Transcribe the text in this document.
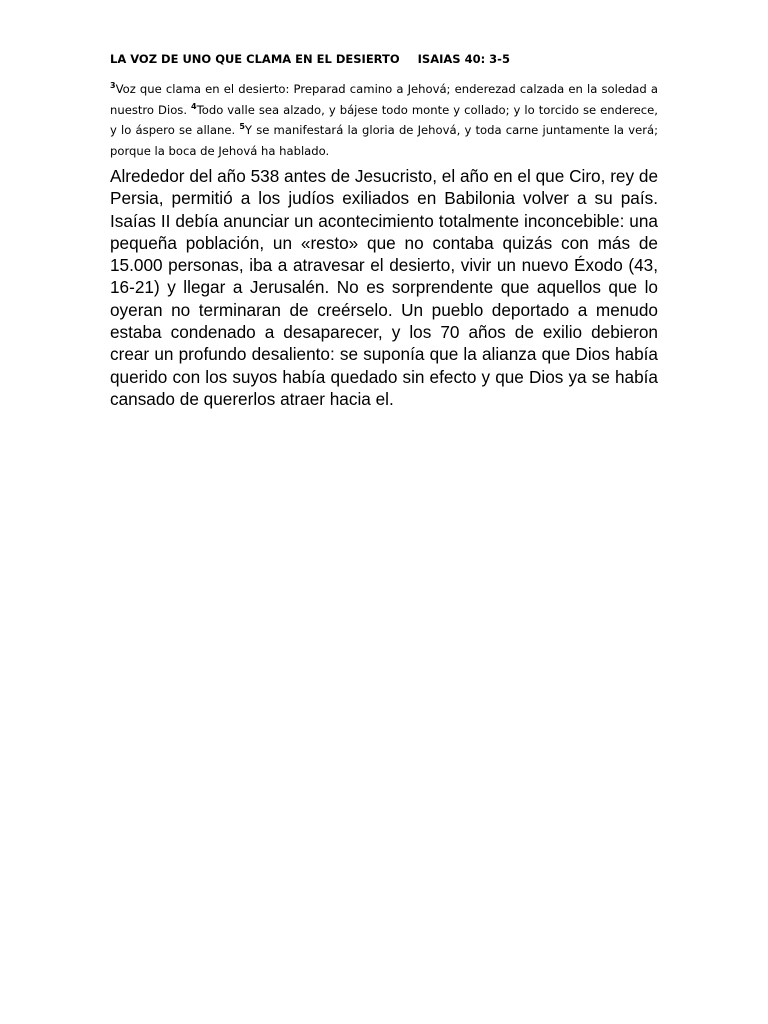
LA VOZ DE UNO QUE CLAMA EN EL DESIERTO ISAIAS 40: 3-5

$^3$Voz que clama en el desierto: Preparad camino a Jehová; enderezad calzada en la soledad a nuestro Dios. $^4$Todo valle sea alzado, y bájese todo monte y collado; y lo torcido se enderece, y lo áspero se allane. $^5$Y se manifestará la gloria de Jehová, y toda carne juntamente la verá; porque la boca de Jehová ha hablado.

Alrededor del año 538 antes de Jesucristo, el año en el que Ciro, rey de Persia, permitió a los judíos exiliados en Babilonia volver a su país. Isaías II debía anunciar un acontecimiento totalmente inconcebible: una pequeña población, un «resto» que no contaba quizás con más de 15.000 personas, iba a atravesar el desierto, vivir un nuevo Éxodo (43, 16-21) y llegar a Jerusalén. No es sorprendente que aquellos que lo oyeran no terminaran de creérselo. Un pueblo deportado a menudo estaba condenado a desaparecer, y los 70 años de exilio debieron crear un profundo desaliento: se suponía que la alianza que Dios había querido con los suyos había quedado sin efecto y que Dios ya se había cansado de quererlos atraer hacia el.
